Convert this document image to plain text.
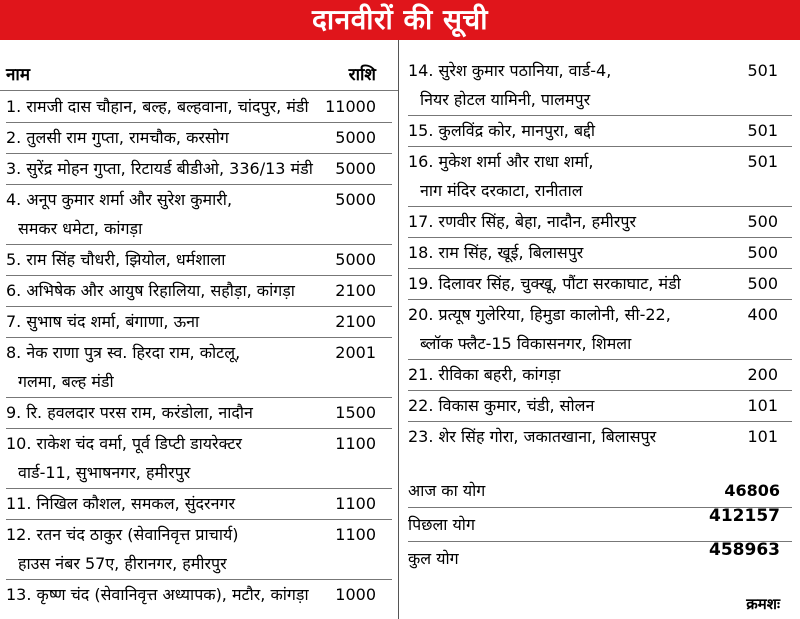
दानवीरों की सूची
नाम	राशि
1. रामजी दास चौहान, बल्ह, बल्हवाना, चांदपुर, मंडी	11000
2. तुलसी राम गुप्ता, रामचौक, करसोग	5000
3. सुरेंद्र मोहन गुप्ता, रिटायर्ड बीडीओ, 336/13 मंडी	5000
4. अनूप कुमार शर्मा और सुरेश कुमारी,
समकर धमेटा, कांगड़ा
5000
5. राम सिंह चौधरी, झियोल, धर्मशाला	5000
6. अभिषेक और आयुष रिहालिया, सहौड़ा, कांगड़ा	2100
7. सुभाष चंद शर्मा, बंगाणा, ऊना	2100
8. नेक राणा पुत्र स्व. हिरदा राम, कोटलू,
गलमा, बल्ह मंडी
2001
9. रि. हवलदार परस राम, करंडोला, नादौन	1500
10. राकेश चंद वर्मा, पूर्व डिप्टी डायरेक्टर
वार्ड-11, सुभाषनगर, हमीरपुर
1100
11. निखिल कौशल, समकल, सुंदरनगर	1100
12. रतन चंद ठाकुर (सेवानिवृत्त प्राचार्य)
हाउस नंबर 57ए, हीरानगर, हमीरपुर
1100
13. कृष्ण चंद (सेवानिवृत्त अध्यापक), मटौर, कांगड़ा	1000
14. सुरेश कुमार पठानिया, वार्ड-4,
नियर होटल यामिनी, पालमपुर
501
15. कुलविंद्र कोर, मानपुरा, बद्दी	501
16. मुकेश शर्मा और राधा शर्मा,
नाग मंदिर दरकाटा, रानीताल
501
17. रणवीर सिंह, बेहा, नादौन, हमीरपुर	500
18. राम सिंह, खूई, बिलासपुर	500
19. दिलावर सिंह, चुक्खू, पौंटा सरकाघाट, मंडी	500
20. प्रत्यूष गुलेरिया, हिमुडा कालोनी, सी-22,
ब्लॉक फ्लैट-15 विकासनगर, शिमला
400
21. रीविका बहरी, कांगड़ा	200
22. विकास कुमार, चंडी, सोलन	101
23. शेर सिंह गोरा, जकातखाना, बिलासपुर	101
आज का योग	46806
पिछला योग	412157
कुल योग	458963
क्रमशः
